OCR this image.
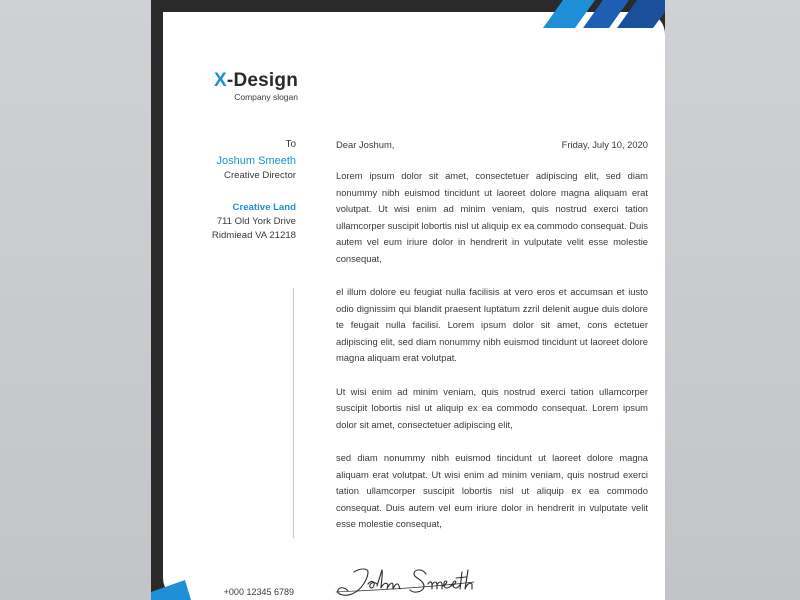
X-Design
Company slogan
To
Joshum Smeeth
Creative Director
Creative Land
711 Old York Drive
Ridmiead VA 21218
Dear Joshum,	Friday, July 10, 2020

Lorem ipsum dolor sit amet, consectetuer adipiscing elit, sed diam nonummy nibh euismod tincidunt ut laoreet dolore magna aliquam erat volutpat. Ut wisi enim ad minim veniam, quis nostrud exerci tation ullamcorper suscipit lobortis nisl ut aliquip ex ea commodo consequat. Duis autem vel eum iriure dolor in hendrerit in vulputate velit esse molestie consequat,

el illum dolore eu feugiat nulla facilisis at vero eros et accumsan et iusto odio dignissim qui blandit praesent luptatum zzril delenit augue duis dolore te feugait nulla facilisi. Lorem ipsum dolor sit amet, cons ectetuer adipiscing elit, sed diam nonummy nibh euismod tincidunt ut laoreet dolore magna aliquam erat volutpat.

Ut wisi enim ad minim veniam, quis nostrud exerci tation ullamcorper suscipit lobortis nisl ut aliquip ex ea commodo consequat. Lorem ipsum dolor sit amet, consectetuer adipiscing elit,

sed diam nonummy nibh euismod tincidunt ut laoreet dolore magna aliquam erat volutpat. Ut wisi enim ad minim veniam, quis nostrud exerci tation ullamcorper suscipit lobortis nisl ut aliquip ex ea commodo consequat. Duis autem vel eum iriure dolor in hendrerit in vulputate velit esse molestie consequat,

+000 12345 6789
